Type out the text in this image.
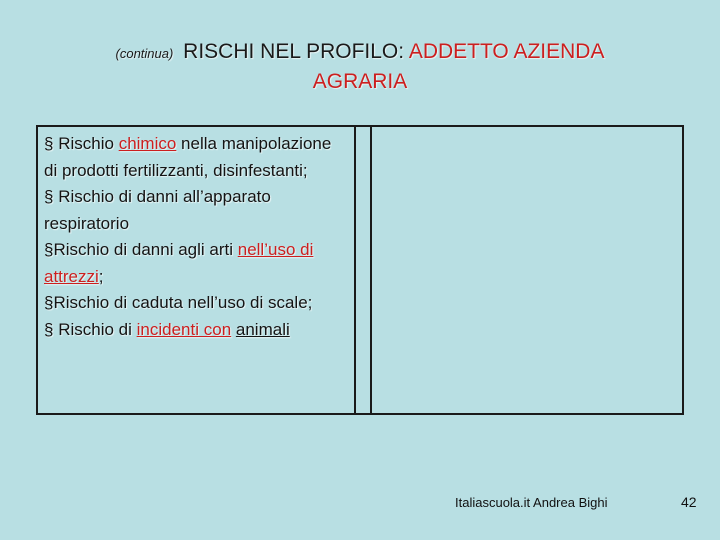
(continua) RISCHI NEL PROFILO: ADDETTO AZIENDA
AGRARIA
§ Rischio chimico nella manipolazione di prodotti fertilizzanti, disinfestanti;
§ Rischio di danni all’apparato respiratorio
§Rischio di danni agli arti nell’uso di attrezzi;
§Rischio di caduta nell’uso di scale;
§ Rischio di incidenti con animali
Italiascuola.it Andrea Bighi	42
